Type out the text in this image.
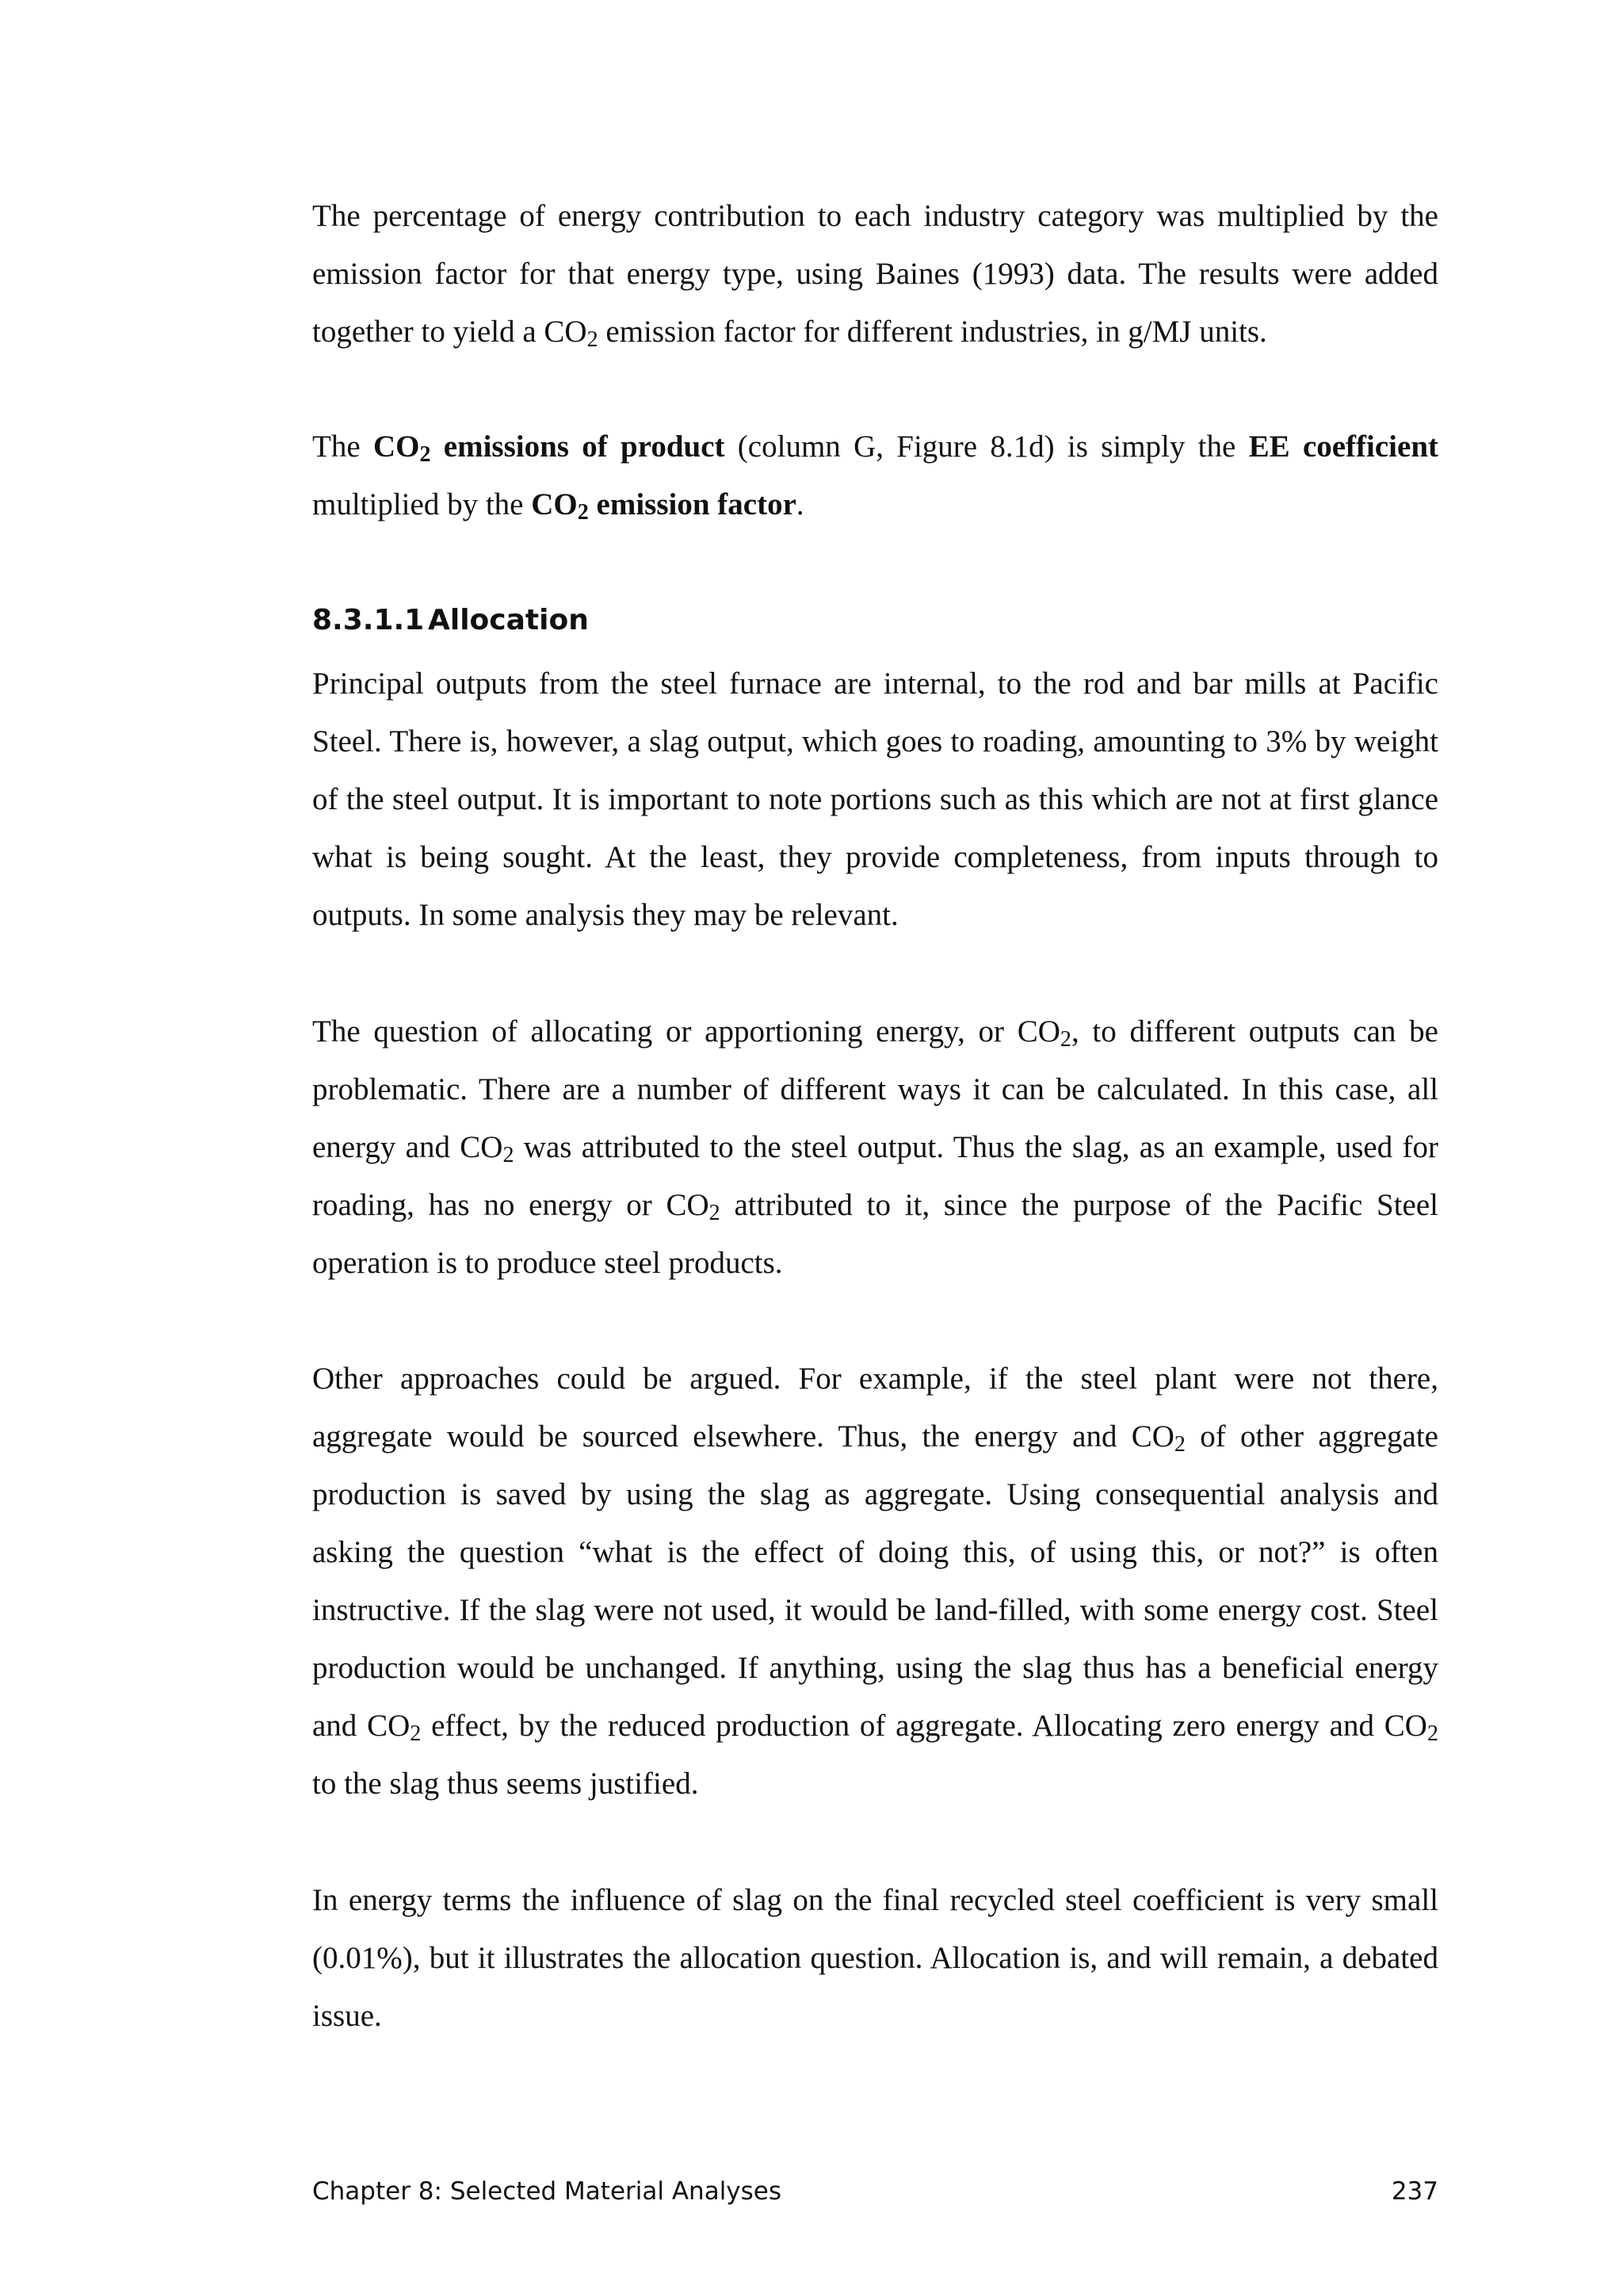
The percentage of energy contribution to each industry category was multiplied by the emission factor for that energy type, using Baines (1993) data. The results were added together to yield a $CO_2$ emission factor for different industries, in g/MJ units.

The $CO_2$ emissions of product (column G, Figure 8.1d) is simply the EE coefficient multiplied by the $CO_2$ emission factor.

8.3.1.1 Allocation

Principal outputs from the steel furnace are internal, to the rod and bar mills at Pacific Steel. There is, however, a slag output, which goes to roading, amounting to 3% by weight of the steel output. It is important to note portions such as this which are not at first glance what is being sought. At the least, they provide completeness, from inputs through to outputs. In some analysis they may be relevant.

The question of allocating or apportioning energy, or $CO_2$, to different outputs can be problematic. There are a number of different ways it can be calculated. In this case, all energy and $CO_2$ was attributed to the steel output. Thus the slag, as an example, used for roading, has no energy or $CO_2$ attributed to it, since the purpose of the Pacific Steel operation is to produce steel products.

Other approaches could be argued. For example, if the steel plant were not there, aggregate would be sourced elsewhere. Thus, the energy and $CO_2$ of other aggregate production is saved by using the slag as aggregate. Using consequential analysis and asking the question “what is the effect of doing this, of using this, or not?” is often instructive. If the slag were not used, it would be land-filled, with some energy cost. Steel production would be unchanged. If anything, using the slag thus has a beneficial energy and $CO_2$ effect, by the reduced production of aggregate. Allocating zero energy and $CO_2$ to the slag thus seems justified.

In energy terms the influence of slag on the final recycled steel coefficient is very small (0.01%), but it illustrates the allocation question. Allocation is, and will remain, a debated issue.

Chapter 8: Selected Material Analyses	237
